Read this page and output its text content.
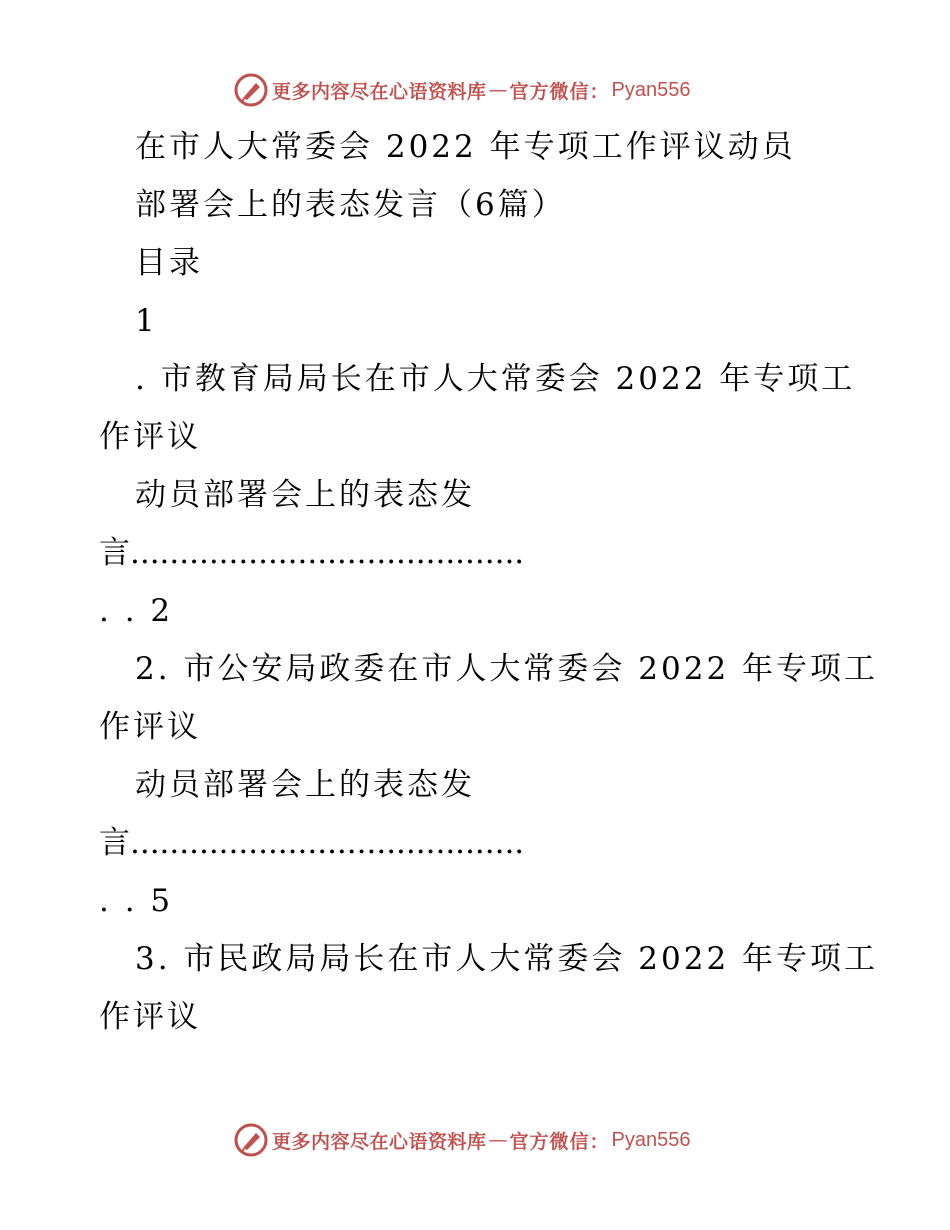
更多内容尽在心语资料库 — 官方微信： Pyan556
在市人大常委会 2022 年专项工作评议动员
部署会上的表态发言（6篇）
目录
1
. 市教育局局长在市人大常委会 2022 年专项工
作评议
动员部署会上的表态发
言........................................
. . 2
2. 市公安局政委在市人大常委会 2022 年专项工
作评议
动员部署会上的表态发
言........................................
. . 5
3. 市民政局局长在市人大常委会 2022 年专项工
作评议
更多内容尽在心语资料库 — 官方微信： Pyan556
